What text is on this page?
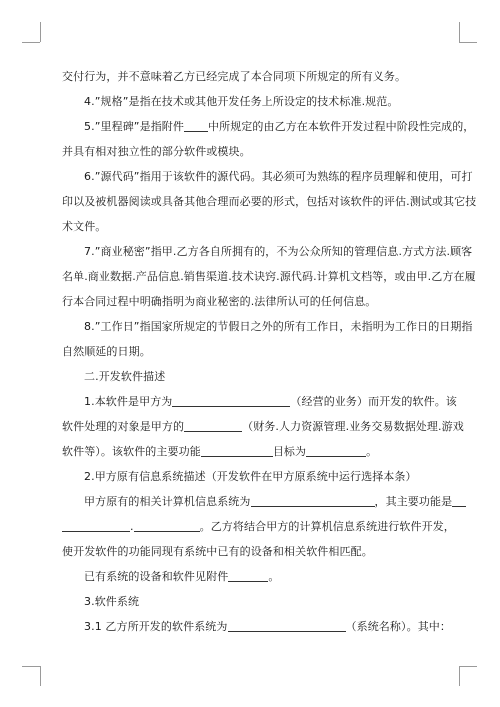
交付行为，并不意味着乙方已经完成了本合同项下所规定的所有义务。
4.”规格”是指在技术或其他开发任务上所设定的技术标准.规范。
5.”里程碑”是指附件 中所规定的由乙方在本软件开发过程中阶段性完成的，
并具有相对独立性的部分软件或模块。
6.”源代码”指用于该软件的源代码。其必须可为熟练的程序员理解和使用，可打
印以及被机器阅读或具备其他合理而必要的形式，包括对该软件的评估.测试或其它技
术文件。
7.”商业秘密”指甲.乙方各自所拥有的，不为公众所知的管理信息.方式方法.顾客
名单.商业数据.产品信息.销售渠道.技术诀窍.源代码.计算机文档等，或由甲.乙方在履
行本合同过程中明确指明为商业秘密的.法律所认可的任何信息。
8.”工作日”指国家所规定的节假日之外的所有工作日，未指明为工作日的日期指
自然顺延的日期。
二.开发软件描述
1.本软件是甲方为	（经营的业务）而开发的软件。该
软件处理的对象是甲方的	（财务.人力资源管理.业务交易数据处理.游戏
软件等）。该软件的主要功能	目标为	。
2.甲方原有信息系统描述（开发软件在甲方原系统中运行选择本条）
甲方原有的相关计算机信息系统为	，其主要功能是
.	。乙方将结合甲方的计算机信息系统进行软件开发，
使开发软件的功能同现有系统中已有的设备和相关软件相匹配。
已有系统的设备和软件见附件	。
3.软件系统
3.1 乙方所开发的软件系统为	（系统名称）。其中：
